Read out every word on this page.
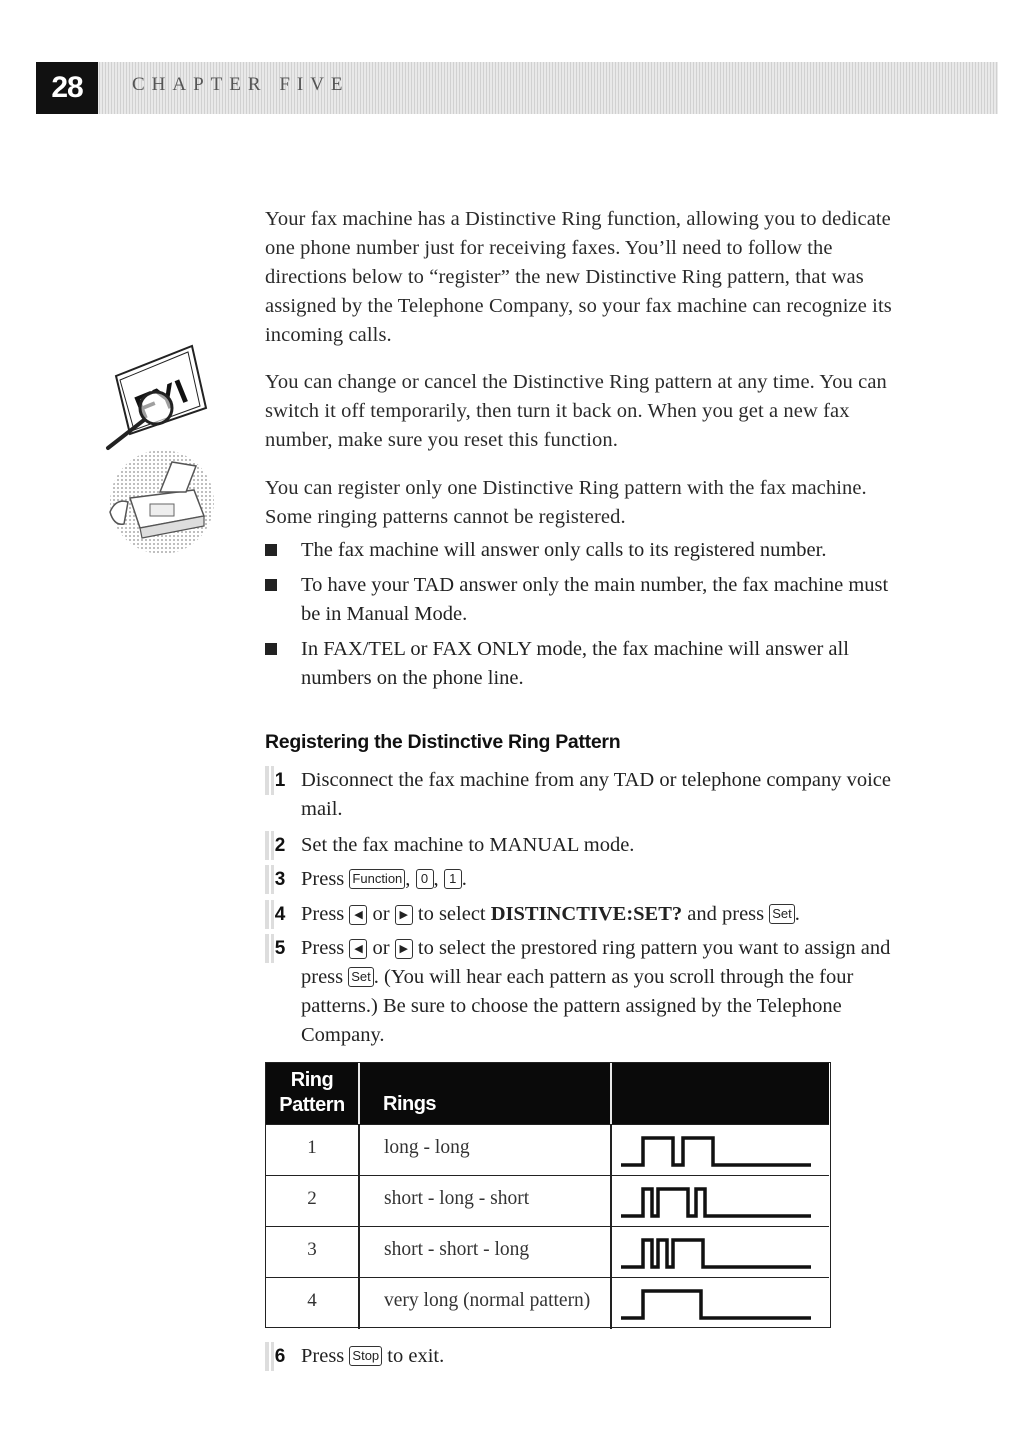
28	CHAPTER FIVE

Your fax machine has a Distinctive Ring function, allowing you to dedicate one phone number just for receiving faxes. You’ll need to follow the directions below to “register” the new Distinctive Ring pattern, that was assigned by the Telephone Company, so your fax machine can recognize its incoming calls.

You can change or cancel the Distinctive Ring pattern at any time. You can switch it off temporarily, then turn it back on. When you get a new fax number, make sure you reset this function.

You can register only one Distinctive Ring pattern with the fax machine. Some ringing patterns cannot be registered.

The fax machine will answer only calls to its registered number.
To have your TAD answer only the main number, the fax machine must be in Manual Mode.
In FAX/TEL or FAX ONLY mode, the fax machine will answer all numbers on the phone line.
Registering the Distinctive Ring Pattern
1 Disconnect the fax machine from any TAD or telephone company voice mail.
2 Set the fax machine to MANUAL mode.
3 Press Function , 0 , 1 .
4 Press ◀ or ▶ to select DISTINCTIVE:SET? and press Set .
5 Press ◀ or ▶ to select the prestored ring pattern you want to assign and press Set . (You will hear each pattern as you scroll through the four patterns.) Be sure to choose the pattern assigned by the Telephone Company.
Ring
Pattern	Rings
1	long - long
2	short - long - short
3	short - short - long
4	very long (normal pattern)
6 Press Stop to exit.
